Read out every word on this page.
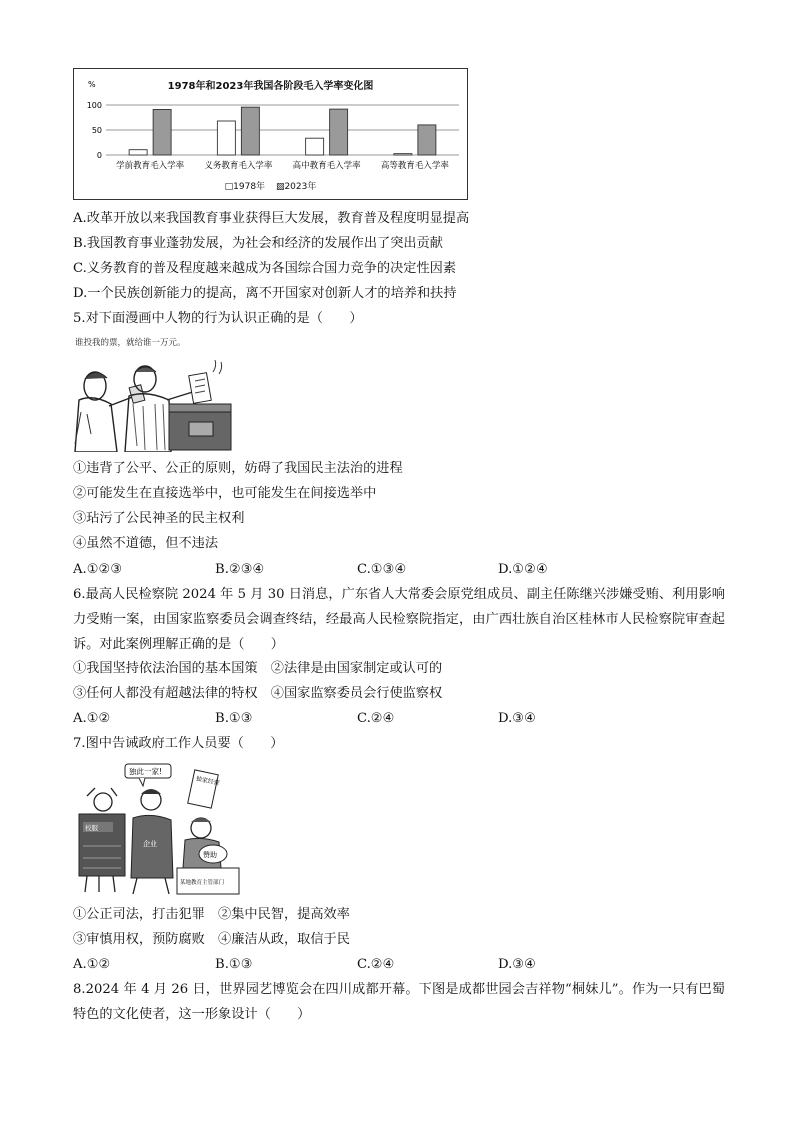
%
100
50
0
学前教育毛入学率 义务教育毛入学率 高中教育毛入学率 高等教育毛入学率
1978年和2023年我国各阶段毛入学率变化图
□1978年 ▨2023年
A.改革开放以来我国教育事业获得巨大发展，教育普及程度明显提高
B.我国教育事业蓬勃发展，为社会和经济的发展作出了突出贡献
C.义务教育的普及程度越来越成为各国综合国力竞争的决定性因素
D.一个民族创新能力的提高，离不开国家对创新人才的培养和扶持
5.对下面漫画中人物的行为认识正确的是（　　）
谁投我的票，就给谁一万元。
①违背了公平、公正的原则，妨碍了我国民主法治的进程
②可能发生在直接选举中，也可能发生在间接选举中
③玷污了公民神圣的民主权利
④虽然不道德，但不违法
A.①②③	B.②③④	C.①③④	D.①②④
6.最高人民检察院 2024 年 5 月 30 日消息，广东省人大常委会原党组成员、副主任陈继兴涉嫌受贿、利用影响力受贿一案，由国家监察委员会调查终结，经最高人民检察院指定，由广西壮族自治区桂林市人民检察院审查起诉。对此案例理解正确的是（　　）
①我国坚持依法治国的基本国策　②法律是由国家制定或认可的
③任何人都没有超越法律的特权　④国家监察委员会行使监察权
A.①②	B.①③	C.②④	D.③④
7.图中告诫政府工作人员要（　　）
独此一家!
独家经营
校服
企业
赞助
某地教育主管部门
①公正司法，打击犯罪　②集中民智，提高效率
③审慎用权，预防腐败　④廉洁从政，取信于民
A.①②	B.①③	C.②④	D.③④
8.2024 年 4 月 26 日，世界园艺博览会在四川成都开幕。下图是成都世园会吉祥物“桐妹儿”。作为一只有巴蜀特色的文化使者，这一形象设计（　　）
